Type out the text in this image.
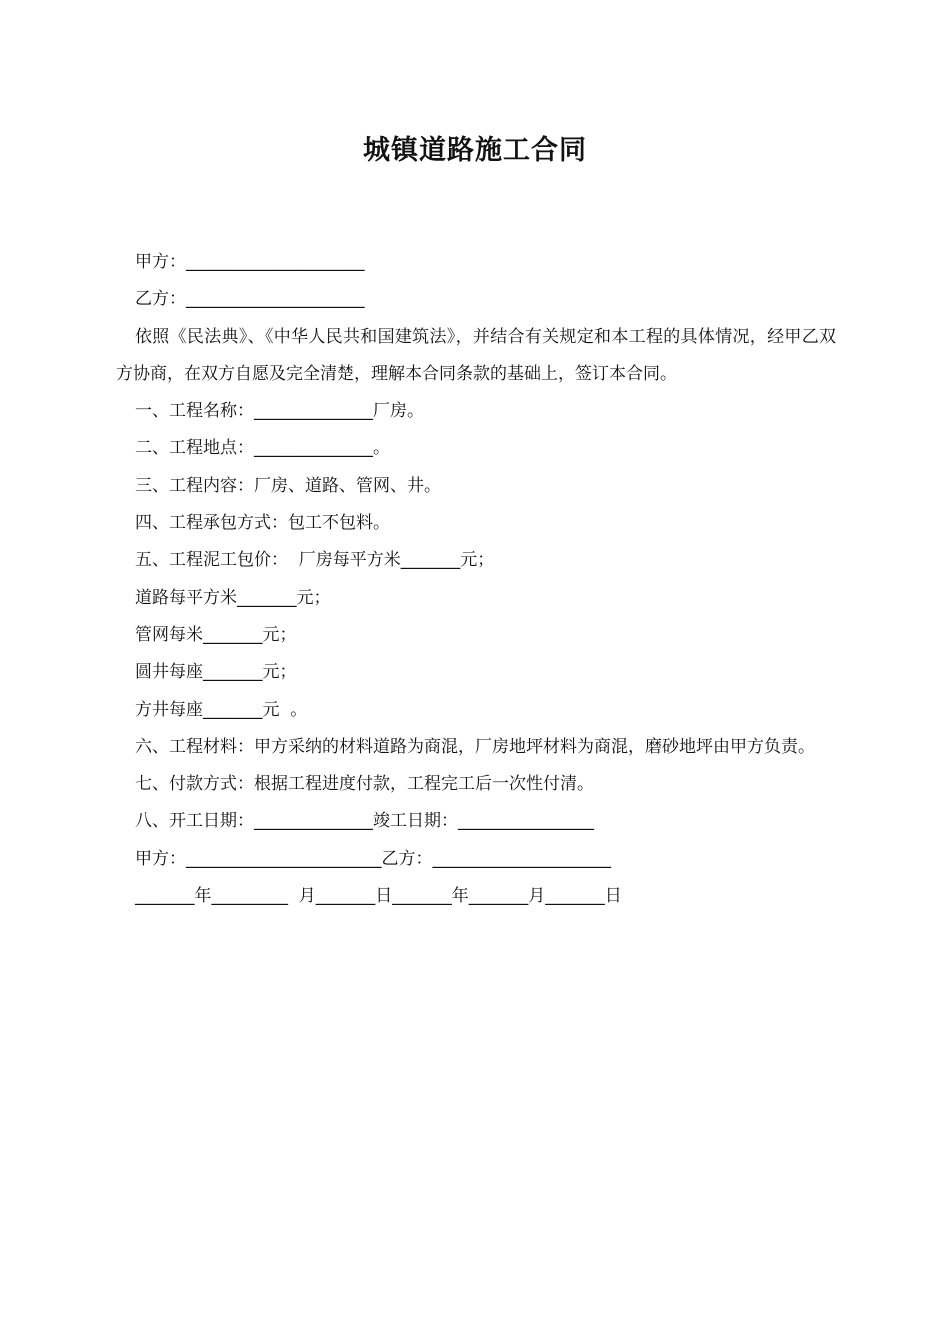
城镇道路施工合同

甲方：_____________________

乙方：_____________________

依照《民法典》、《中华人民共和国建筑法》，并结合有关规定和本工程的具体情况，经甲乙双方协商，在双方自愿及完全清楚，理解本合同条款的基础上，签订本合同。

一、工程名称：______________厂房。

二、工程地点：______________。

三、工程内容：厂房、道路、管网、井。

四、工程承包方式：包工不包料。

五、工程泥工包价：  厂房每平方米_______元；

道路每平方米_______元；

管网每米_______元；

圆井每座_______元；

方井每座_______元  。

六、工程材料：甲方采纳的材料道路为商混，厂房地坪材料为商混，磨砂地坪由甲方负责。

七、付款方式：根据工程进度付款，工程完工后一次性付清。

八、开工日期：______________竣工日期：________________

甲方：_______________________乙方：_____________________

_______年_________  月_______日_______年_______月_______日
